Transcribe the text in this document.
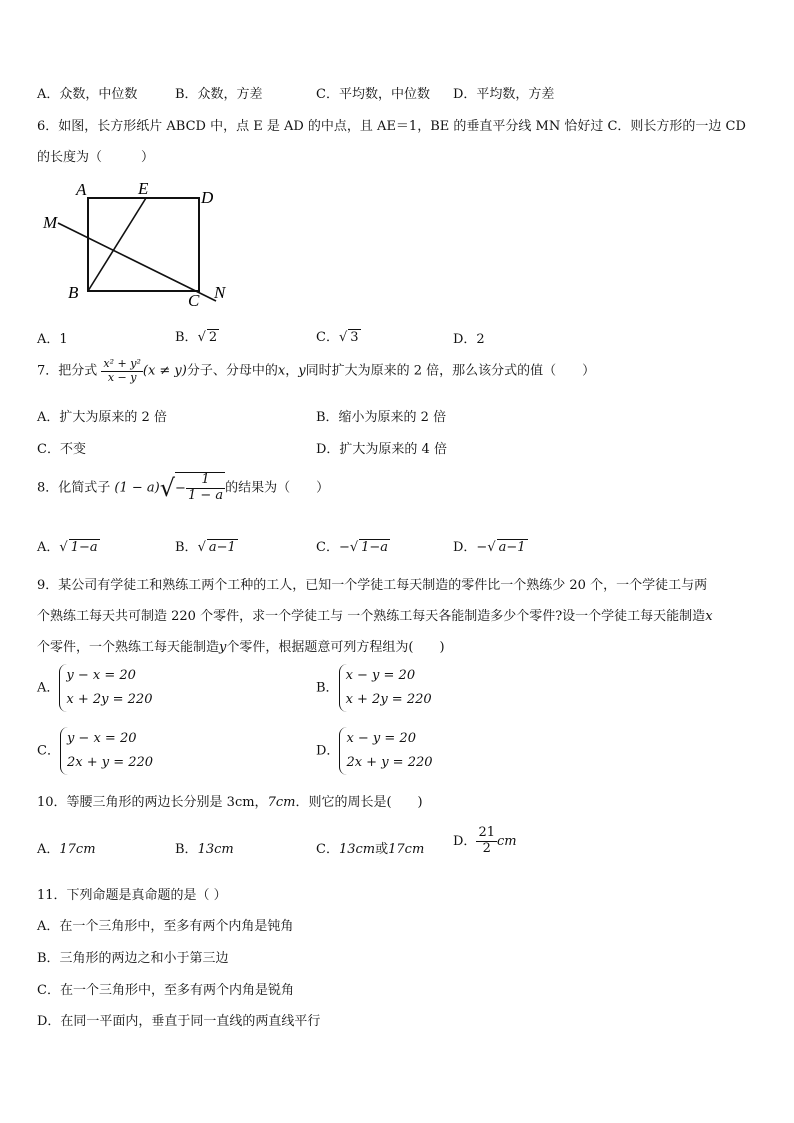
A．众数，中位数	B．众数，方差	C．平均数，中位数 D．平均数，方差
6．如图，长方形纸片 ABCD 中，点 E 是 AD 的中点，且 AE＝1，BE 的垂直平分线 MN 恰好过 C．则长方形的一边 CD
的长度为（　　　）
A	E	D
M
B	C N
A．1	B．√ 2	C．√ 3	D．2
7．把分式 $\frac{\text{x² + y²}}{x - y} (x \ne y)$分子、分母中的x，y同时扩大为原来的 2 倍，那么该分式的值（　　）
A．扩大为原来的 2 倍	B．缩小为原来的 2 倍
C．不变	D．扩大为原来的 4 倍
8．化简式子 $(1 - a)√- \frac{1}{1 - a}$ 的结果为（　　）
A．√ 1−a	B．√ a−1	C．−√ 1−a	D．−√ a−1
9．某公司有学徒工和熟练工两个工种的工人，已知一个学徒工每天制造的零件比一个熟练少 20 个，一个学徒工与两
个熟练工每天共可制造 220 个零件，求一个学徒工与 一个熟练工每天各能制造多少个零件?设一个学徒工每天能制造x
个零件，一个熟练工每天能制造y个零件，根据题意可列方程组为(　　)
A．
y − x = 20
x + 2y = 220
B．
x − y = 20
x + 2y = 220
C．
y − x = 20
2x + y = 220
D．
x − y = 20
2x + y = 220
10．等腰三角形的两边长分别是 3cm，7cm．则它的周长是(　　)
A．17cm	B．13cm	C．13cm或17cm
D． $\frac{21}{2}$ cm
11．下列命题是真命题的是（ ）
A．在一个三角形中，至多有两个内角是钝角
B．三角形的两边之和小于第三边
C．在一个三角形中，至多有两个内角是锐角
D．在同一平面内，垂直于同一直线的两直线平行
